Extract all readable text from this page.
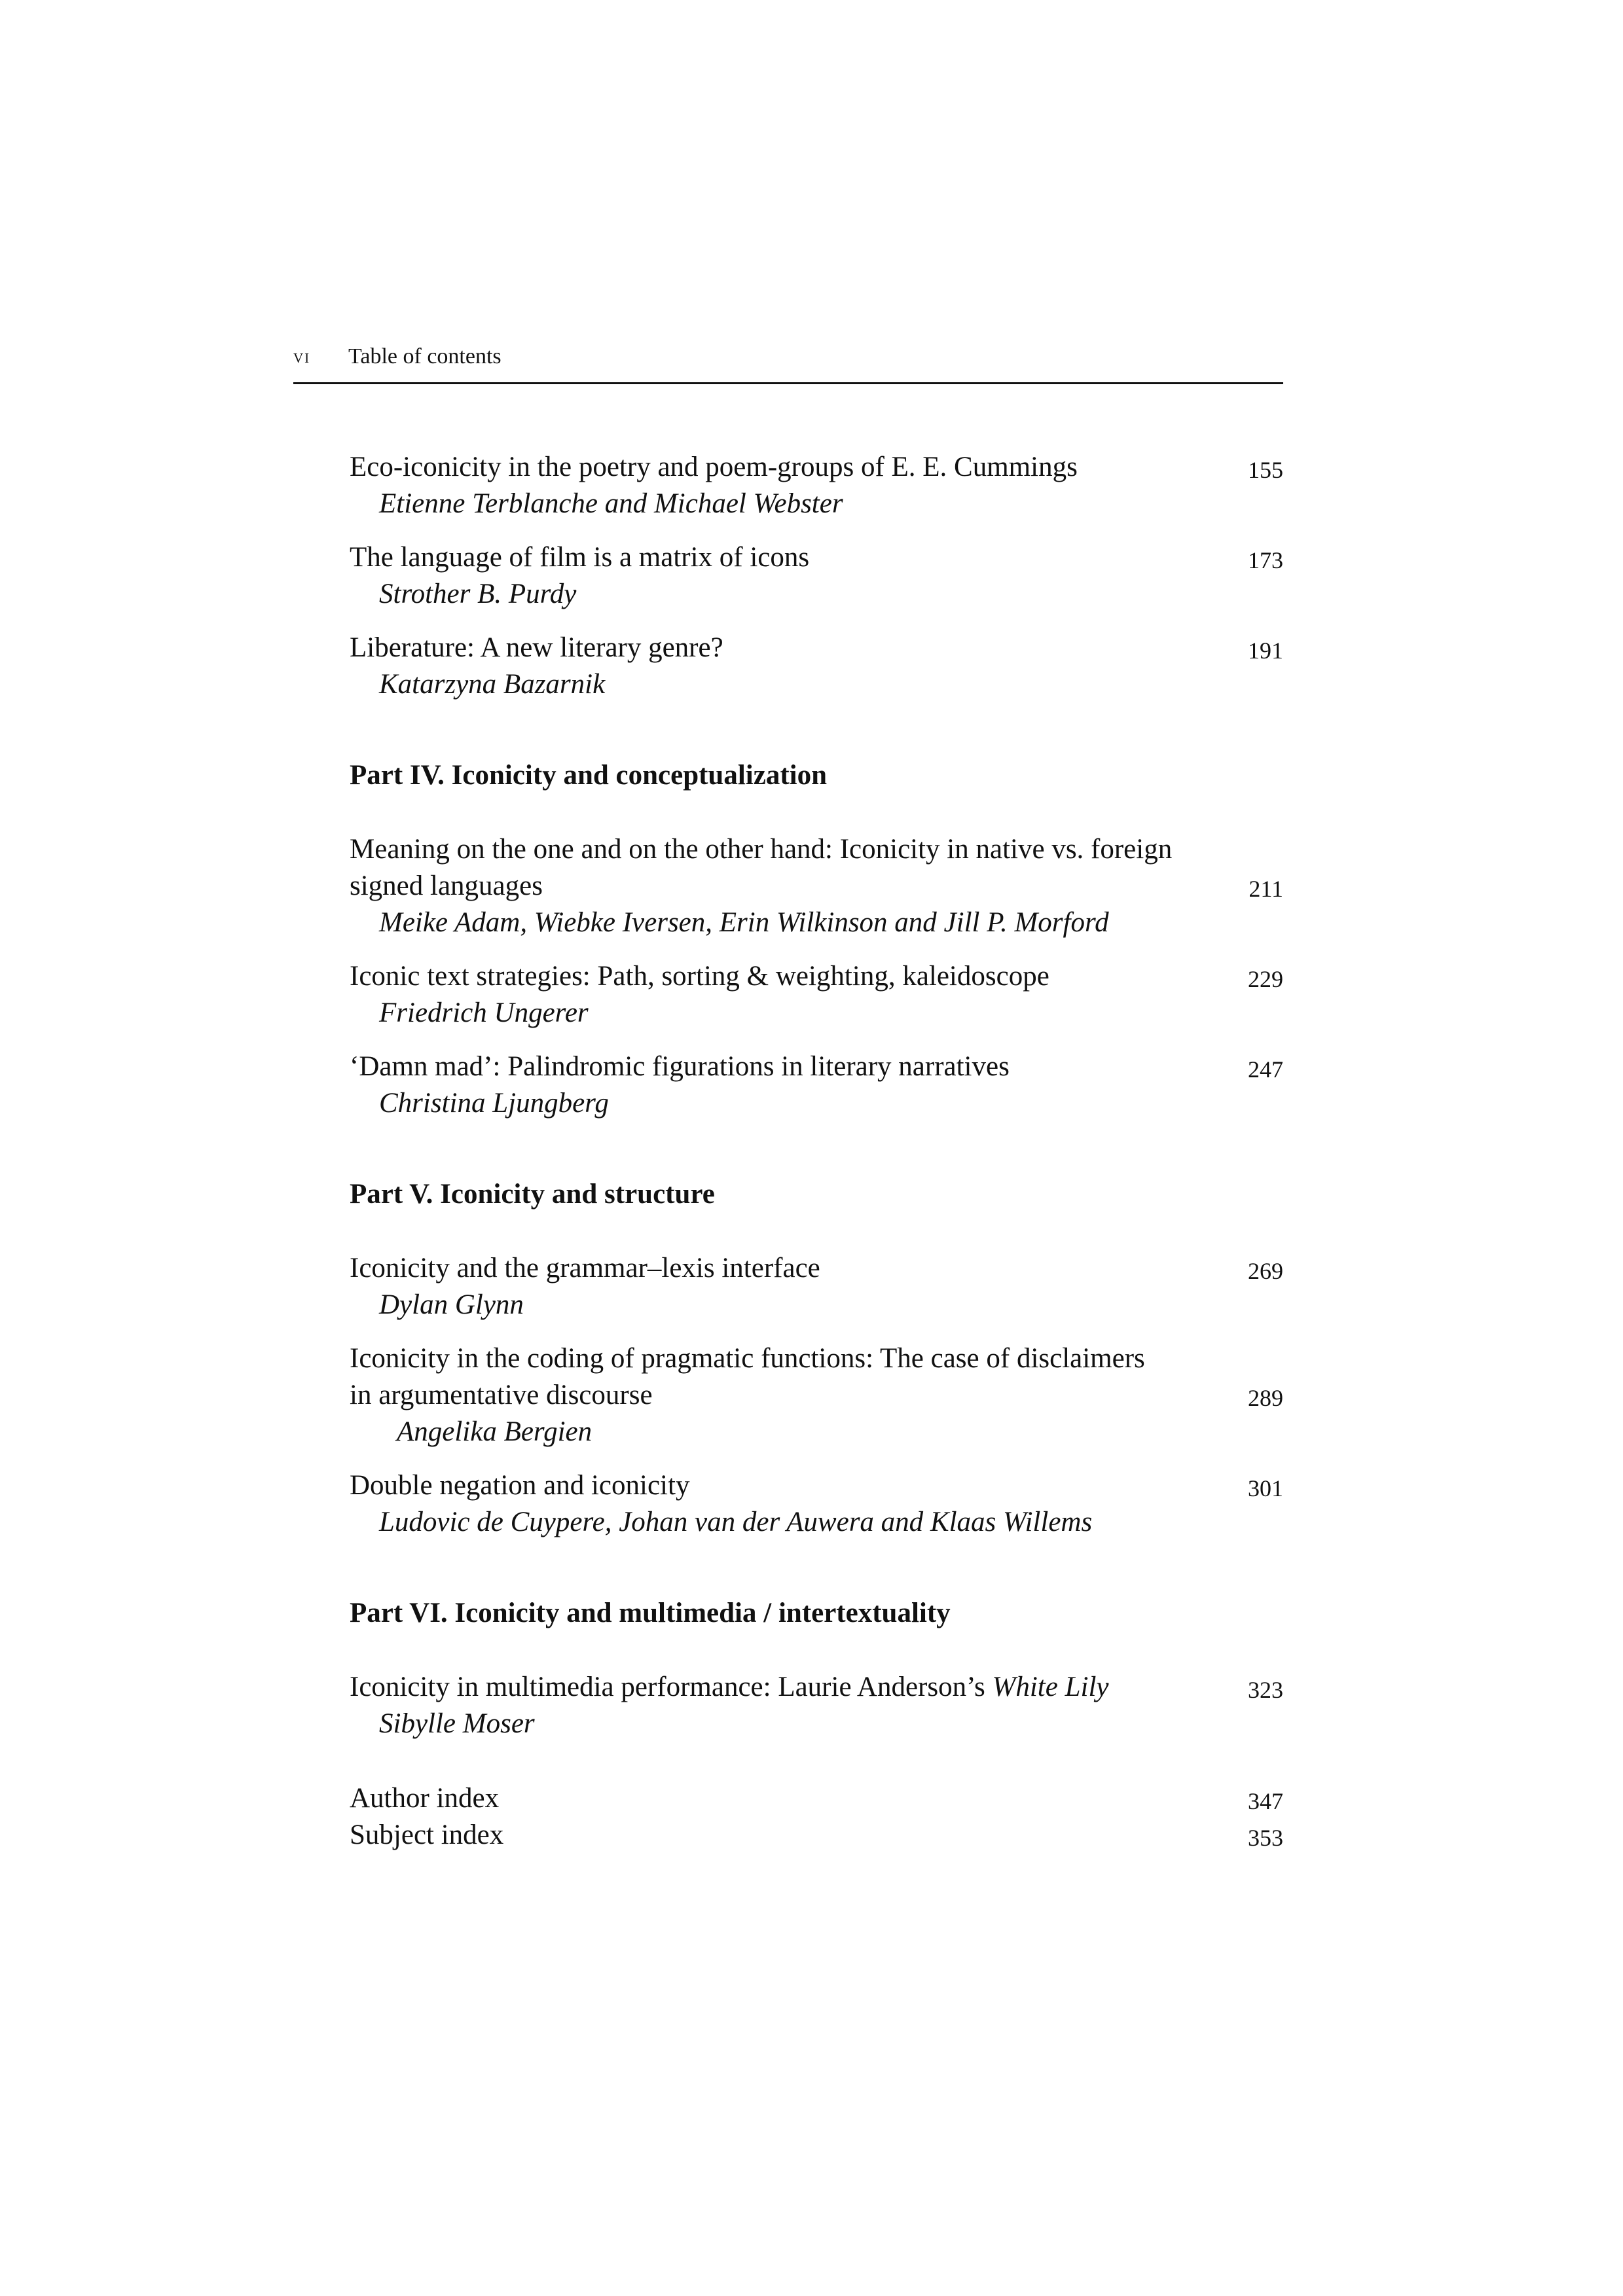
vi Table of contents
Eco-iconicity in the poetry and poem-groups of E. E. Cummings	155
Etienne Terblanche and Michael Webster
The language of film is a matrix of icons	173
Strother B. Purdy
Liberature: A new literary genre?	191
Katarzyna Bazarnik
Part IV. Iconicity and conceptualization
Meaning on the one and on the other hand: Iconicity in native vs. foreign
signed languages	211
Meike Adam, Wiebke Iversen, Erin Wilkinson and Jill P. Morford
Iconic text strategies: Path, sorting & weighting, kaleidoscope	229
Friedrich Ungerer
‘Damn mad’: Palindromic figurations in literary narratives	247
Christina Ljungberg
Part V. Iconicity and structure
Iconicity and the grammar–lexis interface	269
Dylan Glynn
Iconicity in the coding of pragmatic functions: The case of disclaimers
in argumentative discourse	289
Angelika Bergien
Double negation and iconicity	301
Ludovic de Cuypere, Johan van der Auwera and Klaas Willems
Part VI. Iconicity and multimedia / intertextuality
Iconicity in multimedia performance: Laurie Anderson’s White Lily	323
Sibylle Moser
Author index	347
Subject index	353
